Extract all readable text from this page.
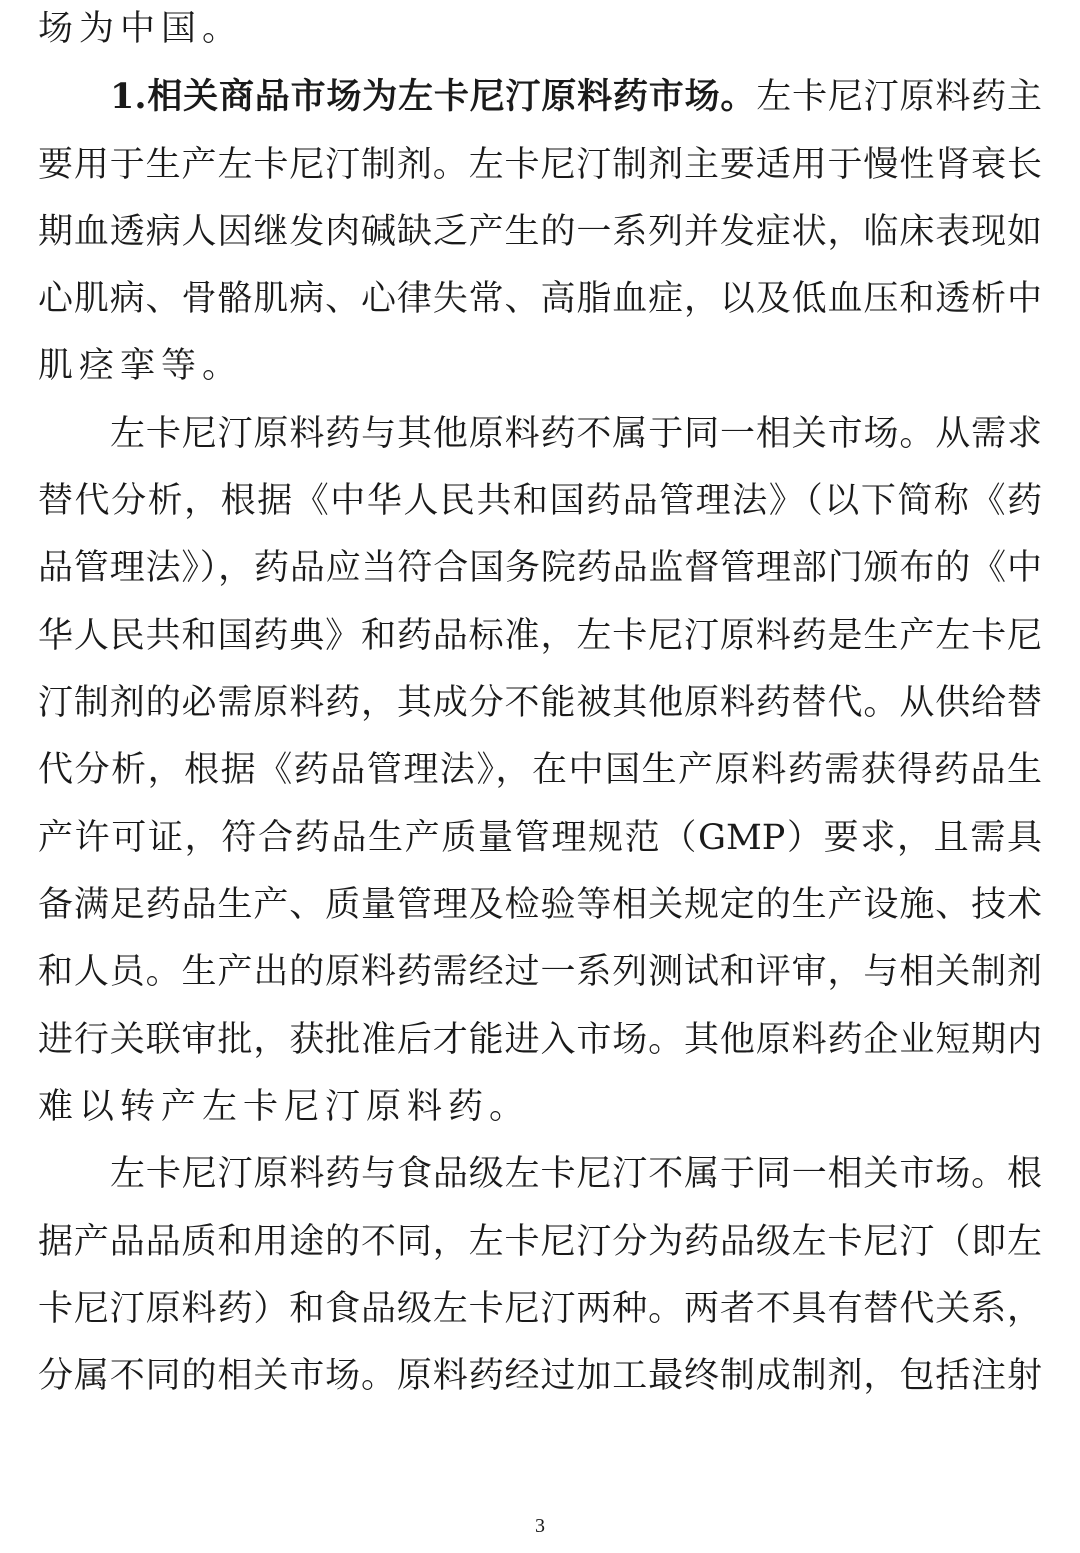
场为中国。
1.相关商品市场为左卡尼汀原料药市场。左卡尼汀原料药主
要用于生产左卡尼汀制剂。左卡尼汀制剂主要适用于慢性肾衰长
期血透病人因继发肉碱缺乏产生的一系列并发症状，临床表现如
心肌病、骨骼肌病、心律失常、高脂血症，以及低血压和透析中
肌痉挛等。
左卡尼汀原料药与其他原料药不属于同一相关市场。从需求
替代分析，根据《中华人民共和国药品管理法》（以下简称《药
品管理法》），药品应当符合国务院药品监督管理部门颁布的《中
华人民共和国药典》和药品标准，左卡尼汀原料药是生产左卡尼
汀制剂的必需原料药，其成分不能被其他原料药替代。从供给替
代分析，根据《药品管理法》，在中国生产原料药需获得药品生
产许可证，符合药品生产质量管理规范（GMP）要求，且需具
备满足药品生产、质量管理及检验等相关规定的生产设施、技术
和人员。生产出的原料药需经过一系列测试和评审，与相关制剂
进行关联审批，获批准后才能进入市场。其他原料药企业短期内
难以转产左卡尼汀原料药。
左卡尼汀原料药与食品级左卡尼汀不属于同一相关市场。根
据产品品质和用途的不同，左卡尼汀分为药品级左卡尼汀（即左
卡尼汀原料药）和食品级左卡尼汀两种。两者不具有替代关系，
分属不同的相关市场。原料药经过加工最终制成制剂，包括注射
3
